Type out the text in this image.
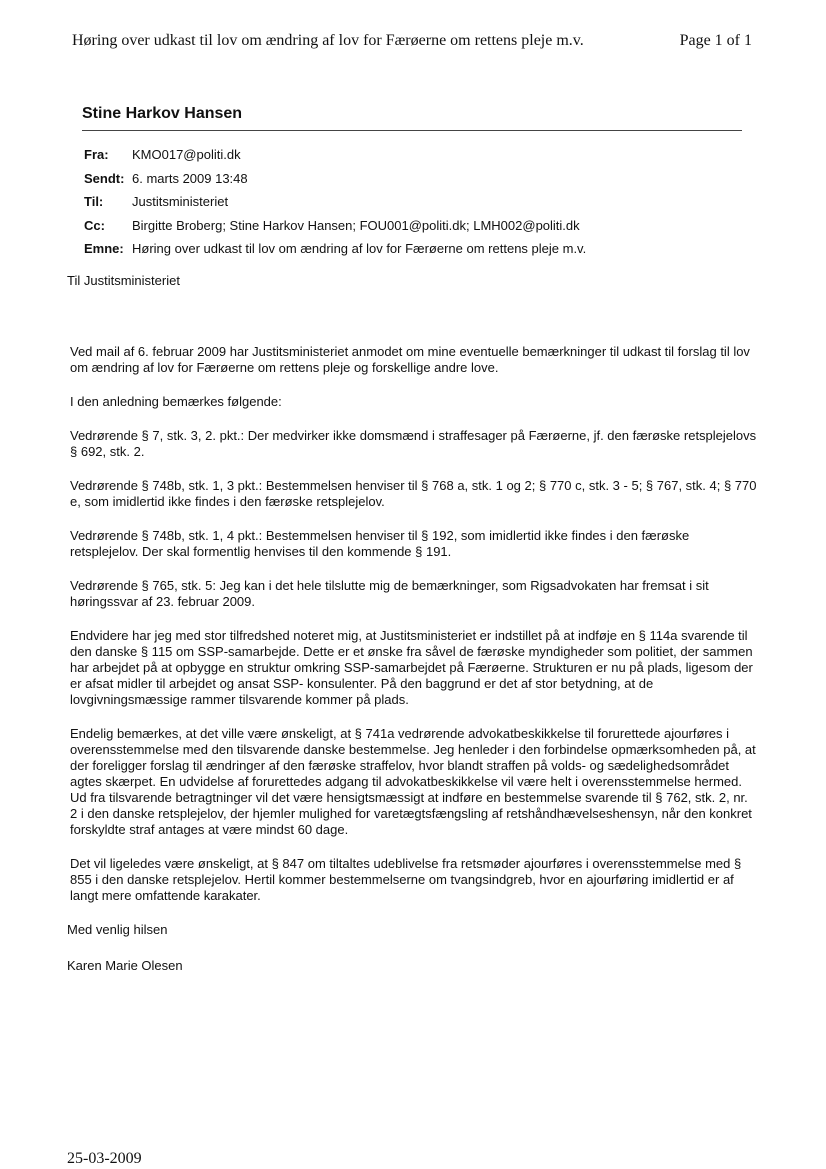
Høring over udkast til lov om ændring af lov for Færøerne om rettens pleje m.v.	Page 1 of 1
Stine Harkov Hansen
Fra: KMO017@politi.dk
Sendt: 6. marts 2009 13:48
Til: Justitsministeriet
Cc: Birgitte Broberg; Stine Harkov Hansen; FOU001@politi.dk; LMH002@politi.dk
Emne: Høring over udkast til lov om ændring af lov for Færøerne om rettens pleje m.v.

Til Justitsministeriet

Ved mail af 6. februar 2009 har Justitsministeriet anmodet om mine eventuelle bemærkninger til udkast til forslag til lov om ændring af lov for Færøerne om rettens pleje og forskellige andre love.

I den anledning bemærkes følgende:

Vedrørende § 7, stk. 3, 2. pkt.: Der medvirker ikke domsmænd i straffesager på Færøerne, jf. den færøske retsplejelovs § 692, stk. 2.

Vedrørende § 748b, stk. 1, 3 pkt.: Bestemmelsen henviser til § 768 a, stk. 1 og 2; § 770 c, stk. 3 - 5; § 767, stk. 4; § 770 e, som imidlertid ikke findes i den færøske retsplejelov.

Vedrørende § 748b, stk. 1, 4 pkt.: Bestemmelsen henviser til § 192, som imidlertid ikke findes i den færøske retsplejelov. Der skal formentlig henvises til den kommende § 191.

Vedrørende § 765, stk. 5: Jeg kan i det hele tilslutte mig de bemærkninger, som Rigsadvokaten har fremsat i sit høringssvar af 23. februar 2009.

Endvidere har jeg med stor tilfredshed noteret mig, at Justitsministeriet er indstillet på at indføje en § 114a svarende til den danske § 115 om SSP-samarbejde. Dette er et ønske fra såvel de færøske myndigheder som politiet, der sammen har arbejdet på at opbygge en struktur omkring SSP-samarbejdet på Færøerne. Strukturen er nu på plads, ligesom der er afsat midler til arbejdet og ansat SSP- konsulenter. På den baggrund er det af stor betydning, at de lovgivningsmæssige rammer tilsvarende kommer på plads.

Endelig bemærkes, at det ville være ønskeligt, at § 741a vedrørende advokatbeskikkelse til forurettede ajourføres i overensstemmelse med den tilsvarende danske bestemmelse. Jeg henleder i den forbindelse opmærksomheden på, at der foreligger forslag til ændringer af den færøske straffelov, hvor blandt straffen på volds- og sædelighedsområdet agtes skærpet. En udvidelse af forurettedes adgang til advokatbeskikkelse vil være helt i overensstemmelse hermed. Ud fra tilsvarende betragtninger vil det være hensigtsmæssigt at indføre en bestemmelse svarende til § 762, stk. 2, nr. 2 i den danske retsplejelov, der hjemler mulighed for varetægtsfængsling af retshåndhævelseshensyn, når den konkret forskyldte straf antages at være mindst 60 dage.

Det vil ligeledes være ønskeligt, at § 847 om tiltaltes udeblivelse fra retsmøder ajourføres i overensstemmelse med § 855 i den danske retsplejelov. Hertil kommer bestemmelserne om tvangsindgreb, hvor en ajourføring imidlertid er af langt mere omfattende karakater.

Med venlig hilsen

Karen Marie Olesen

25-03-2009
